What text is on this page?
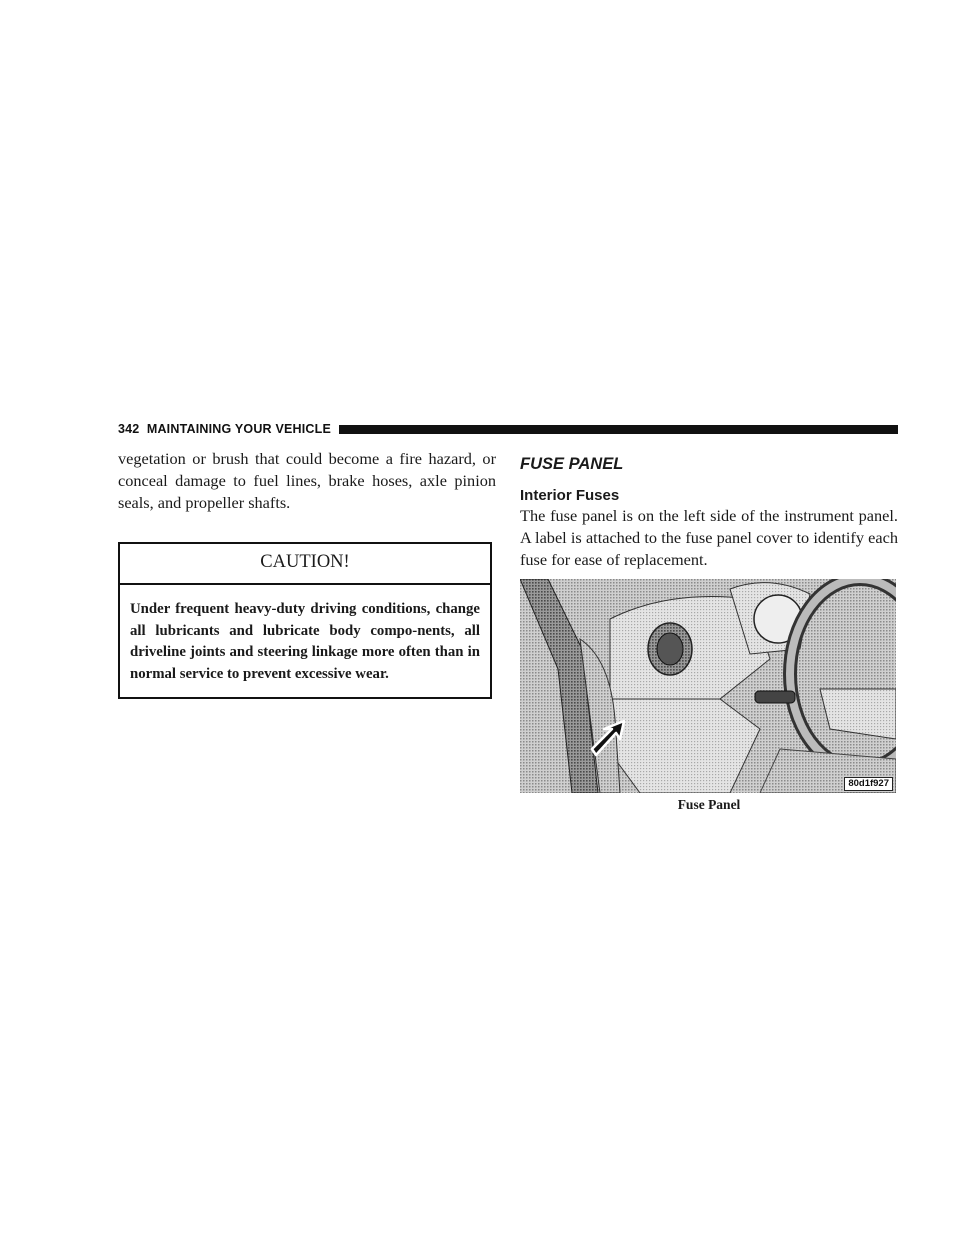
342 MAINTAINING YOUR VEHICLE

vegetation or brush that could become a fire hazard, or conceal damage to fuel lines, brake hoses, axle pinion seals, and propeller shafts.

CAUTION!

Under frequent heavy-duty driving conditions, change all lubricants and lubricate body compo-nents, all driveline joints and steering linkage more often than in normal service to prevent excessive wear.

FUSE PANEL
Interior Fuses

The fuse panel is on the left side of the instrument panel. A label is attached to the fuse panel cover to identify each fuse for ease of replacement.

80d1f927
Fuse Panel
